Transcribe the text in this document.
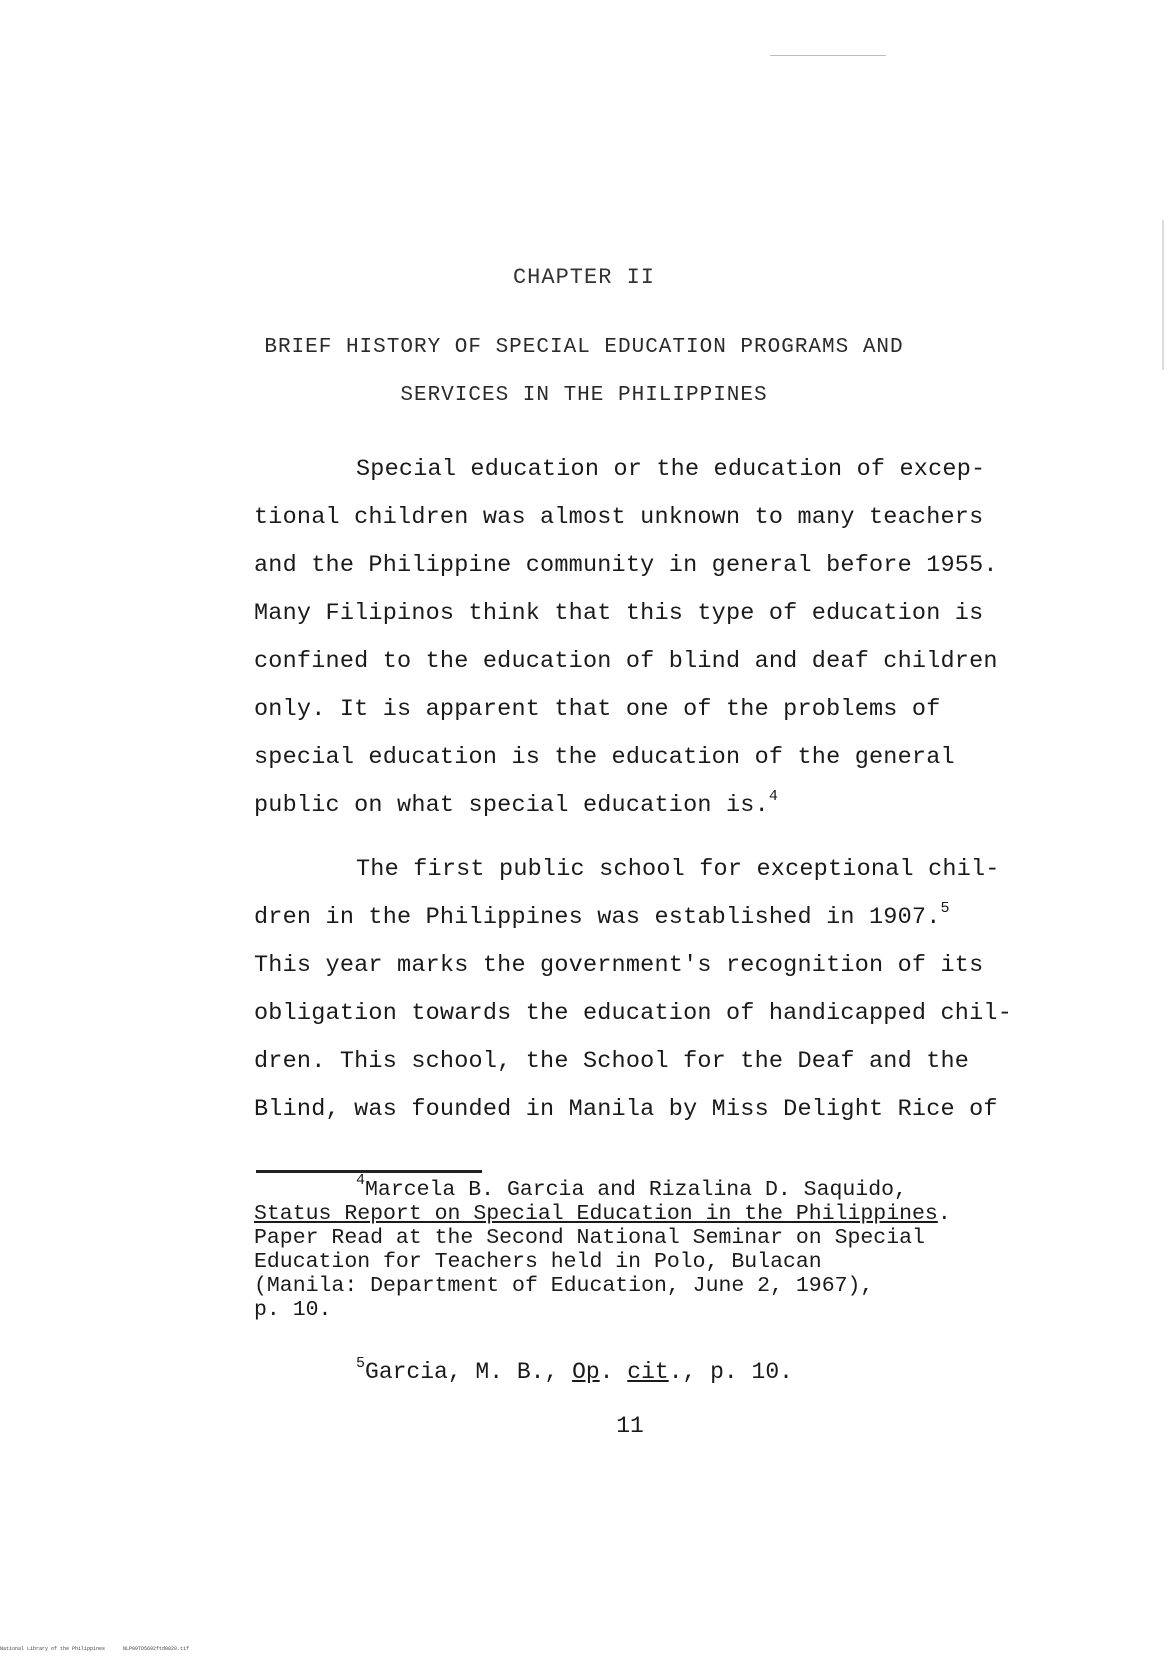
CHAPTER II
BRIEF HISTORY OF SPECIAL EDUCATION PROGRAMS AND
SERVICES IN THE PHILIPPINES
Special education or the education of excep-
tional children was almost unknown to many teachers
and the Philippine community in general before 1955.
Many Filipinos think that this type of education is
confined to the education of blind and deaf children
only. It is apparent that one of the problems of
special education is the education of the general
public on what special education is.$^4$
The first public school for exceptional chil-
dren in the Philippines was established in 1907.$^5$
This year marks the government's recognition of its
obligation towards the education of handicapped chil-
dren. This school, the School for the Deaf and the
Blind, was founded in Manila by Miss Delight Rice of
$^4$Marcela B. Garcia and Rizalina D. Saquido,
Status Report on Special Education in the Philippines.
Paper Read at the Second National Seminar on Special
Education for Teachers held in Polo, Bulacan
(Manila: Department of Education, June 2, 1967),
p. 10.
$^5$Garcia, M. B., Op. cit., p. 10.
11
National Library of the Philippines	NLP00TD5692ftd0020.tif
